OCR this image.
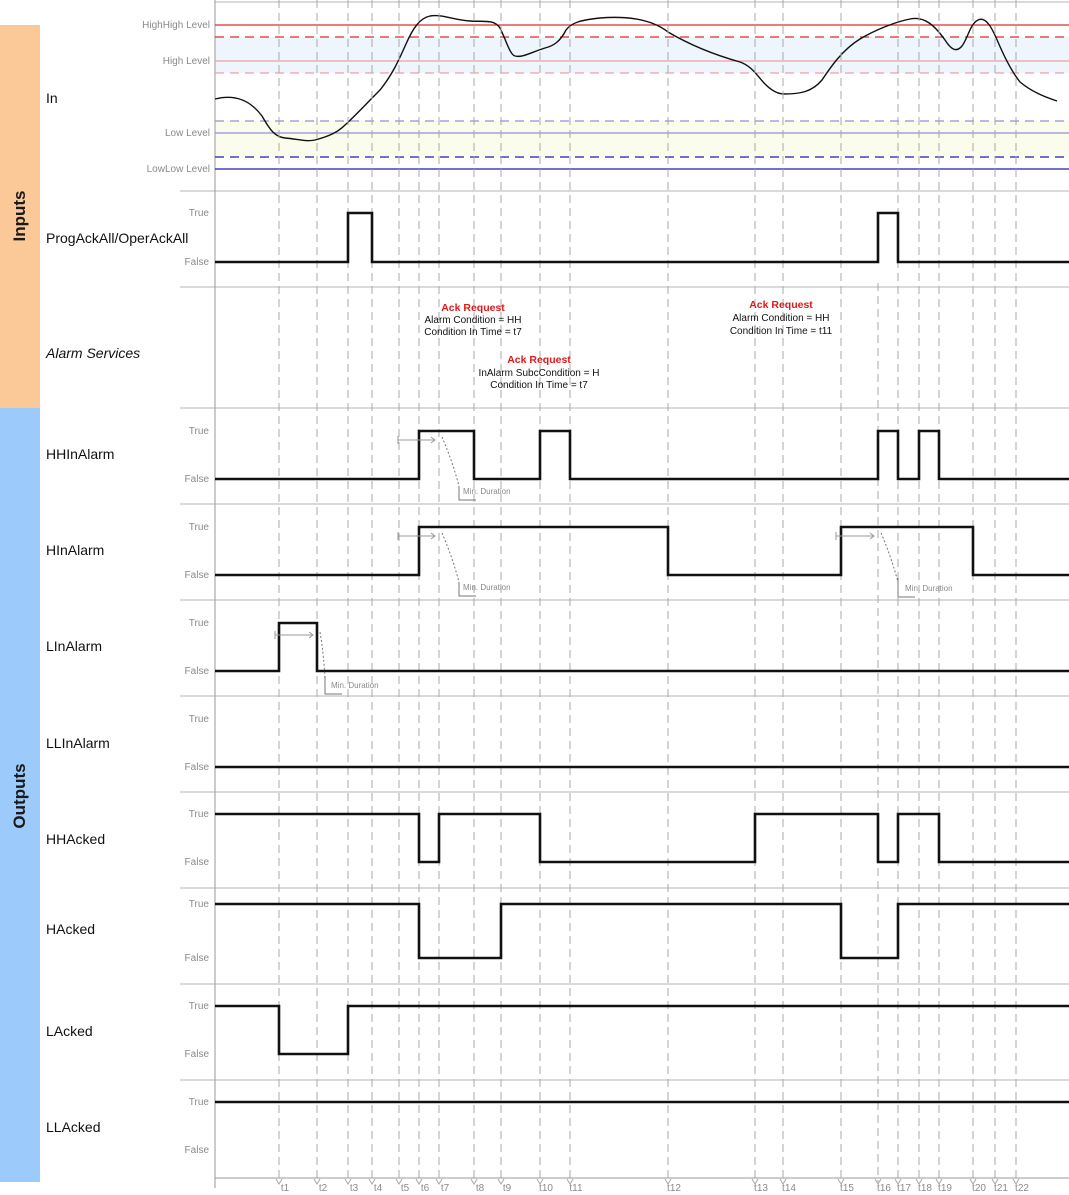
Inputs
Outputs
In
ProgAckAll/OperAckAll
Alarm Services
HHInAlarm
HInAlarm
LInAlarm
LLInAlarm
HHAcked
HAcked
LAcked
LLAcked
HighHigh Level
High Level
Low Level
LowLow Level
t1	t2 t3 t4 t5 t6 t7	t8 t9	t10 t11	t12	t13 t14	t15 t16 t17 t18 t19 t20 t21 t22
True
False
True
False
True
False
True
False
True
False
True
False
True
False
True
False
True
False
Min. Duration
Min. Duration	Min. Duration
Min. Duration
Ack Request
Alarm Condition = HH
Condition In Time = t7
Ack Request
InAlarm SubcCondition = H
Condition In Time = t7
Ack Request
Alarm Condition = HH
Condition In Time = t11
